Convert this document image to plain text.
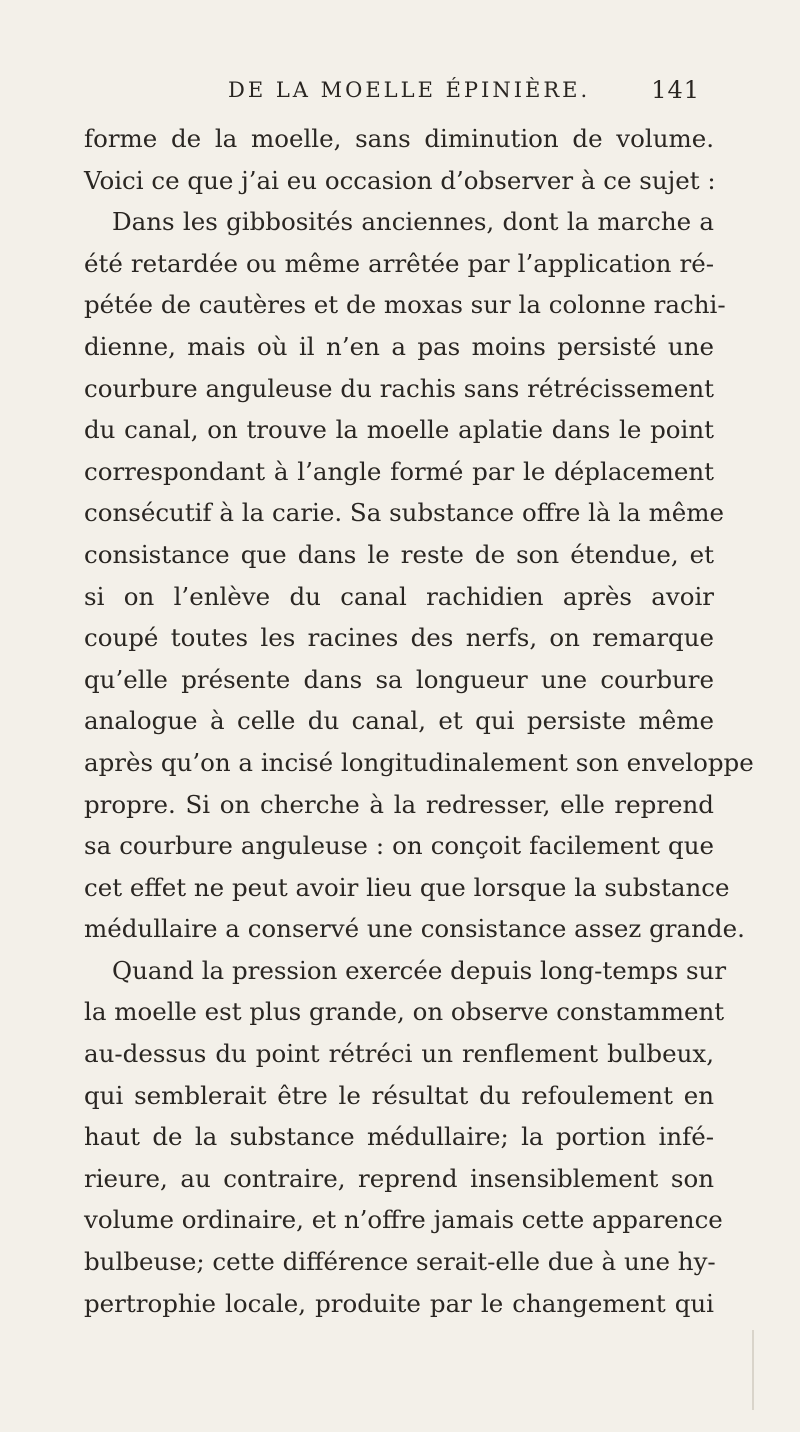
DE LA MOELLE ÉPINIÈRE.	141
forme de la moelle, sans diminution de volume.
Voici ce que j’ai eu occasion d’observer à ce sujet :
Dans les gibbosités anciennes, dont la marche a
été retardée ou même arrêtée par l’application ré-
pétée de cautères et de moxas sur la colonne rachi-
dienne, mais où il n’en a pas moins persisté une
courbure anguleuse du rachis sans rétrécissement
du canal, on trouve la moelle aplatie dans le point
correspondant à l’angle formé par le déplacement
consécutif à la carie. Sa substance offre là la même
consistance que dans le reste de son étendue, et
si on l’enlève du canal rachidien après avoir
coupé toutes les racines des nerfs, on remarque
qu’elle présente dans sa longueur une courbure
analogue à celle du canal, et qui persiste même
après qu’on a incisé longitudinalement son enveloppe
propre. Si on cherche à la redresser, elle reprend
sa courbure anguleuse : on conçoit facilement que
cet effet ne peut avoir lieu que lorsque la substance
médullaire a conservé une consistance assez grande.
Quand la pression exercée depuis long-temps sur
la moelle est plus grande, on observe constamment
au-dessus du point rétréci un renflement bulbeux,
qui semblerait être le résultat du refoulement en
haut de la substance médullaire; la portion infé-
rieure, au contraire, reprend insensiblement son
volume ordinaire, et n’offre jamais cette apparence
bulbeuse; cette différence serait-elle due à une hy-
pertrophie locale, produite par le changement qui
